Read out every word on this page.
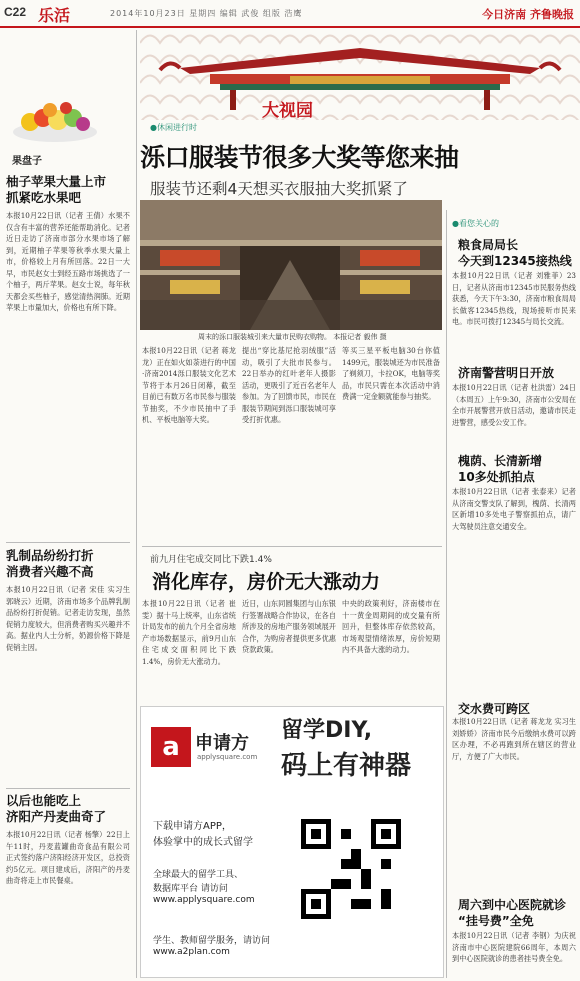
C22 乐活	2014年10月23日 星期四 编辑 武俊 组版 浩鹰	今日济南 齐鲁晚报
果盘子
柚子苹果大量上市
抓紧吃水果吧
本报10月22日讯（记者 王倩）水果不仅含有丰富的营养还能帮助消化。记者近日走访了济南市部分水果市场了解到，近期柚子苹果等秋季水果大量上市，价格较上月有所回落。22日一大早，市民赵女士到经五路市场挑选了一个柚子，两斤苹果。赵女士说，每年秋天都会买些柚子，感觉清热润肺。近期苹果上市量加大，价格也有所下降。
乳制品纷纷打折
消费者兴趣不高
本报10月22日讯（记者 宋佳 实习生 郭晓云）近期，济南市场多个品牌乳制品纷纷打折促销。记者走访发现，虽然促销力度较大，但消费者购买兴趣并不高。据业内人士分析，奶源价格下降是促销主因。
以后也能吃上
济阳产丹麦曲奇了
本报10月22日讯（记者 杨擎）22日上午11时，丹麦蓝罐曲奇食品有限公司正式签约落户济阳经济开发区，总投资约5亿元。项目建成后，济阳产的丹麦曲奇将走上市民餐桌。
大视园
●休闲进行时
泺口服装节很多大奖等您来抽
服装节还剩4天想买衣服抽大奖抓紧了
周末的泺口服装城引来大量市民购衣购物。 本报记者 毅伟 摄
本报10月22日讯（记者 蒋龙龙）正在如火如荼进行的中国·济南2014泺口服装文化艺术节将于本月26日闭幕，截至目前已有数万名市民参与服装节抽奖，不少市民抽中了手机、平板电脑等大奖。
提出“穿比基尼抢羽绒服”活动，吸引了大批市民参与。22日举办的红叶老年人摄影活动，更吸引了近百名老年人参加。为了回馈市民，市民在服装节期间到泺口服装城可享受打折优惠。
等买三星平板电脑30台你值1499元，服装城还为市民准备了剃须刀，卡拉OK，电脑等奖品，市民只需在本次活动中消费满一定金额就能参与抽奖。
前九月住宅成交同比下跌1.4%
消化库存，房价无大涨动力
本报10月22日讯（记者 崔雯）据十马上统率，山东省统计局发布的前九个月全省房地产市场数据显示，前9月山东住宅成交面积同比下跌1.4%，房价无大涨动力。
近日，山东同圆集团与山东银行签署战略合作协议，在各自所涉及的房地产服务领域展开合作，为购房者提供更多优惠贷款政策。
中央的政策利好，济南楼市在十一黄金周期间的成交量有所回升，但整体库存依然较高，市场观望情绪浓厚，房价短期内不具备大涨的动力。
a 申请方
applysquare.com
留学DIY,
码上有神器
下载申请方APP，
体验掌中的成长式留学
全球最大的留学工具、
数据库平台 请访问
www.applysquare.com
学生、教师留学服务，请访问
www.a2plan.com
●看您关心的
粮食局局长
今天到12345接热线
本报10月22日讯（记者 刘雅菲）23日，记者从济南市12345市民服务热线获悉，今天下午3:30，济南市粮食局局长做客12345热线，现场接听市民来电。市民可拨打12345与局长交流。
济南警营明日开放
本报10月22日讯（记者 杜洪雷）24日（本周五）上午9:30，济南市公安局在全市开展警营开放日活动，邀请市民走进警营，感受公安工作。
槐荫、长清新增
10多处抓拍点
本报10月22日讯（记者 张泰来）记者从济南交警支队了解到，槐荫、长清两区新增10多处电子警察抓拍点，请广大驾驶员注意交通安全。
交水费可跨区
本报10月22日讯（记者 蒋龙龙 实习生 刘娇娇）济南市民今后缴纳水费可以跨区办理，不必再跑到所在辖区的营业厅，方便了广大市民。
周六到中心医院就诊
“挂号费”全免
本报10月22日讯（记者 李钢）为庆祝济南市中心医院建院66周年，本周六到中心医院就诊的患者挂号费全免。
